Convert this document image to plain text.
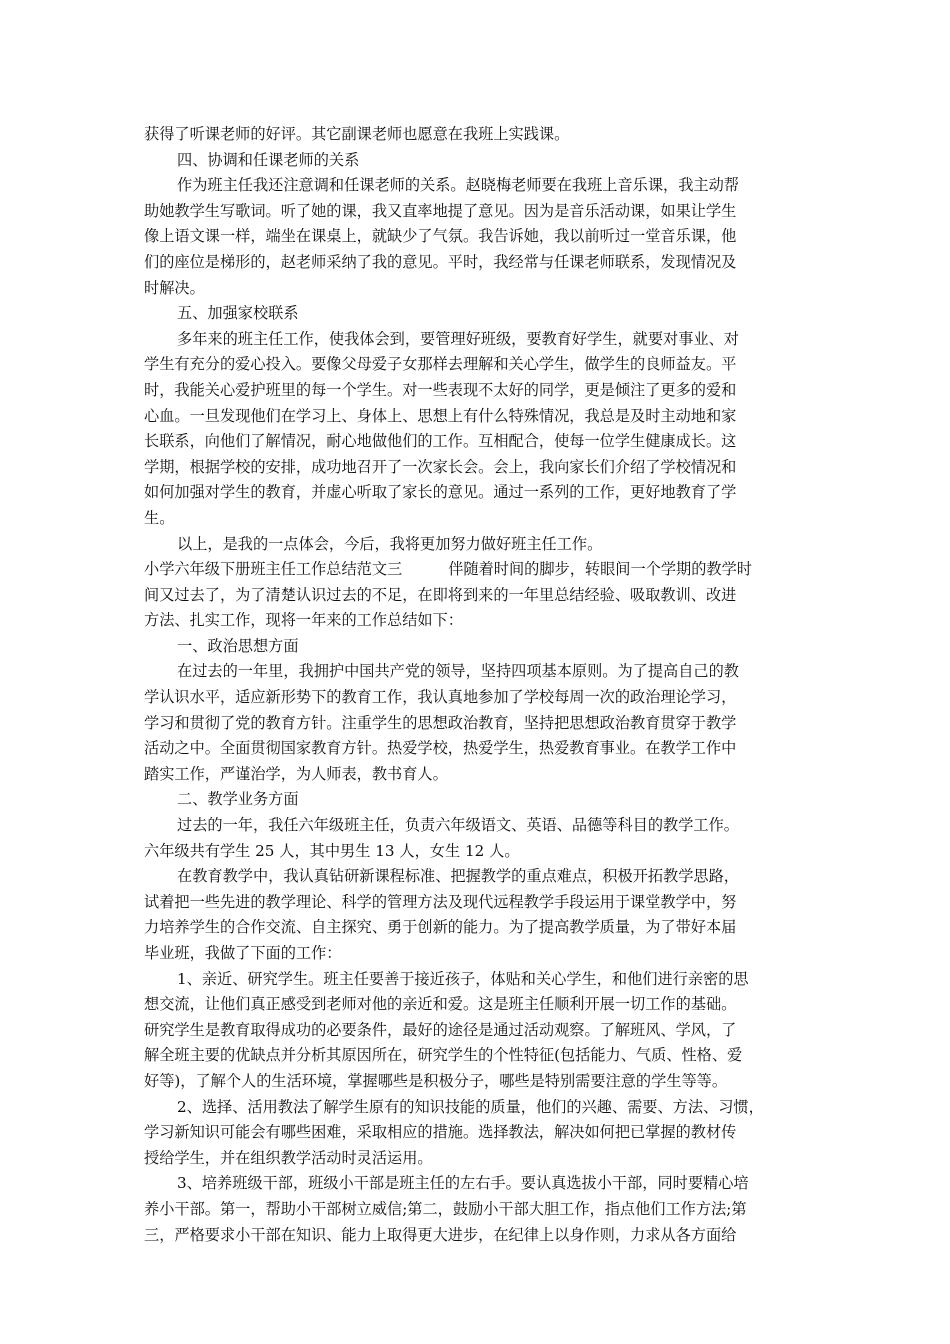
获得了听课老师的好评。其它副课老师也愿意在我班上实践课。
四、协调和任课老师的关系
作为班主任我还注意调和任课老师的关系。赵晓梅老师要在我班上音乐课，我主动帮
助她教学生写歌词。听了她的课，我又直率地提了意见。因为是音乐活动课，如果让学生
像上语文课一样，端坐在课桌上，就缺少了气氛。我告诉她，我以前听过一堂音乐课，他
们的座位是梯形的，赵老师采纳了我的意见。平时，我经常与任课老师联系，发现情况及
时解决。
五、加强家校联系
多年来的班主任工作，使我体会到，要管理好班级，要教育好学生，就要对事业、对
学生有充分的爱心投入。要像父母爱子女那样去理解和关心学生，做学生的良师益友。平
时，我能关心爱护班里的每一个学生。对一些表现不太好的同学，更是倾注了更多的爱和
心血。一旦发现他们在学习上、身体上、思想上有什么特殊情况，我总是及时主动地和家
长联系，向他们了解情况，耐心地做他们的工作。互相配合，使每一位学生健康成长。这
学期，根据学校的安排，成功地召开了一次家长会。会上，我向家长们介绍了学校情况和
如何加强对学生的教育，并虚心听取了家长的意见。通过一系列的工作，更好地教育了学
生。
以上，是我的一点体会，今后，我将更加努力做好班主任工作。
小学六年级下册班主任工作总结范文三	伴随着时间的脚步，转眼间一个学期的教学时
间又过去了，为了清楚认识过去的不足，在即将到来的一年里总结经验、吸取教训、改进
方法、扎实工作，现将一年来的工作总结如下：
一、政治思想方面
在过去的一年里，我拥护中国共产党的领导，坚持四项基本原则。为了提高自己的教
学认识水平，适应新形势下的教育工作，我认真地参加了学校每周一次的政治理论学习，
学习和贯彻了党的教育方针。注重学生的思想政治教育，坚持把思想政治教育贯穿于教学
活动之中。全面贯彻国家教育方针。热爱学校，热爱学生，热爱教育事业。在教学工作中
踏实工作，严谨治学，为人师表，教书育人。
二、教学业务方面
过去的一年，我任六年级班主任，负责六年级语文、英语、品德等科目的教学工作。
六年级共有学生 25 人，其中男生 13 人，女生 12 人。
在教育教学中，我认真钻研新课程标准、把握教学的重点难点，积极开拓教学思路，
试着把一些先进的教学理论、科学的管理方法及现代远程教学手段运用于课堂教学中，努
力培养学生的合作交流、自主探究、勇于创新的能力。为了提高教学质量，为了带好本届
毕业班，我做了下面的工作：
1、亲近、研究学生。班主任要善于接近孩子，体贴和关心学生，和他们进行亲密的思
想交流，让他们真正感受到老师对他的亲近和爱。这是班主任顺利开展一切工作的基础。
研究学生是教育取得成功的必要条件，最好的途径是通过活动观察。了解班风、学风，了
解全班主要的优缺点并分析其原因所在，研究学生的个性特征(包括能力、气质、性格、爱
好等)，了解个人的生活环境，掌握哪些是积极分子，哪些是特别需要注意的学生等等。
2、选择、活用教法了解学生原有的知识技能的质量，他们的兴趣、需要、方法、习惯，
学习新知识可能会有哪些困难，采取相应的措施。选择教法，解决如何把已掌握的教材传
授给学生，并在组织教学活动时灵活运用。
3、培养班级干部，班级小干部是班主任的左右手。要认真选拔小干部，同时要精心培
养小干部。第一，帮助小干部树立威信;第二，鼓励小干部大胆工作，指点他们工作方法;第
三，严格要求小干部在知识、能力上取得更大进步，在纪律上以身作则，力求从各方面给
